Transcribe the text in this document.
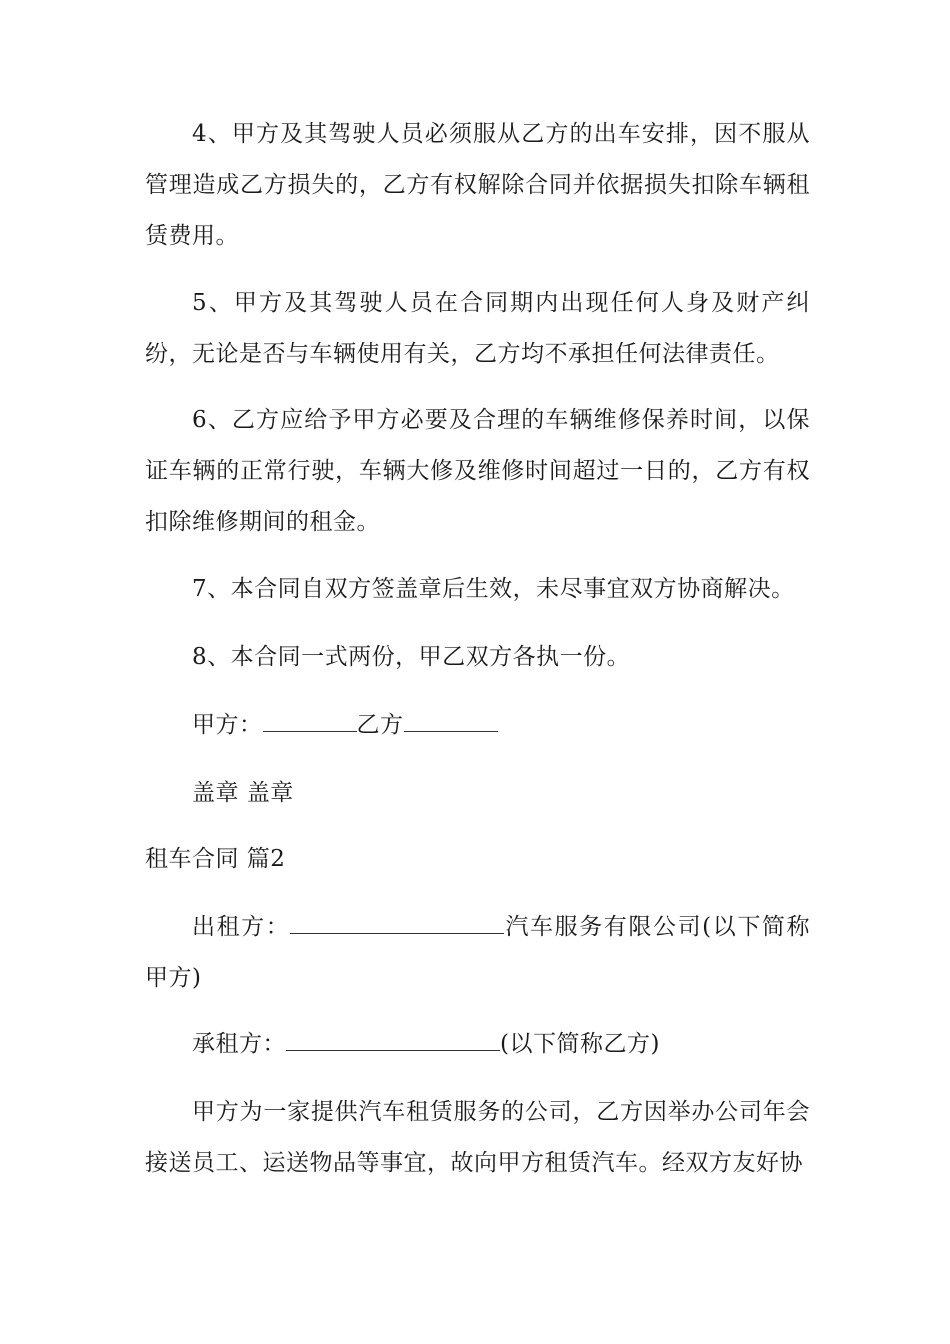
4、甲方及其驾驶人员必须服从乙方的出车安排，因不服从管理造成乙方损失的，乙方有权解除合同并依据损失扣除车辆租赁费用。

5、甲方及其驾驶人员在合同期内出现任何人身及财产纠纷，无论是否与车辆使用有关，乙方均不承担任何法律责任。

6、乙方应给予甲方必要及合理的车辆维修保养时间，以保证车辆的正常行驶，车辆大修及维修时间超过一日的，乙方有权扣除维修期间的租金。

7、本合同自双方签盖章后生效，未尽事宜双方协商解决。

8、本合同一式两份，甲乙双方各执一份。

甲方：	乙方

盖章 盖章

租车合同 篇2

出租方：	汽车服务有限公司(以下简称甲方)

承租方：	(以下简称乙方)

甲方为一家提供汽车租赁服务的公司，乙方因举办公司年会接送员工、运送物品等事宜，故向甲方租赁汽车。经双方友好协
